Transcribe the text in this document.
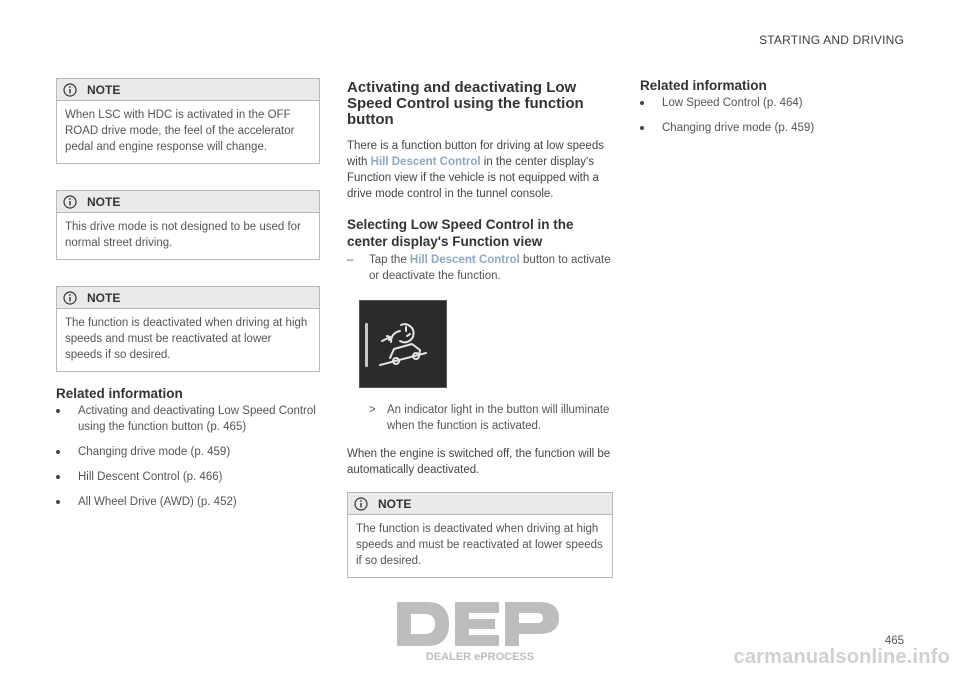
STARTING AND DRIVING
NOTE
When LSC with HDC is activated in the OFF ROAD drive mode, the feel of the accelerator pedal and engine response will change.
NOTE
This drive mode is not designed to be used for normal street driving.
NOTE
The function is deactivated when driving at high speeds and must be reactivated at lower speeds if so desired.
Related information
Activating and deactivating Low Speed Control using the function button (p. 465)
Changing drive mode (p. 459)
Hill Descent Control (p. 466)
All Wheel Drive (AWD) (p. 452)
Activating and deactivating Low Speed Control using the function button

There is a function button for driving at low speeds with Hill Descent Control in the center display's Function view if the vehicle is not equipped with a drive mode control in the tunnel console.

Selecting Low Speed Control in the center display's Function view
– Tap the Hill Descent Control button to activate or deactivate the function.
> An indicator light in the button will illuminate when the function is activated.

When the engine is switched off, the function will be automatically deactivated.

NOTE
The function is deactivated when driving at high speeds and must be reactivated at lower speeds if so desired.
Related information
Low Speed Control (p. 464)
Changing drive mode (p. 459)
465
DEALER ePROCESS	carmanualsonline.info
